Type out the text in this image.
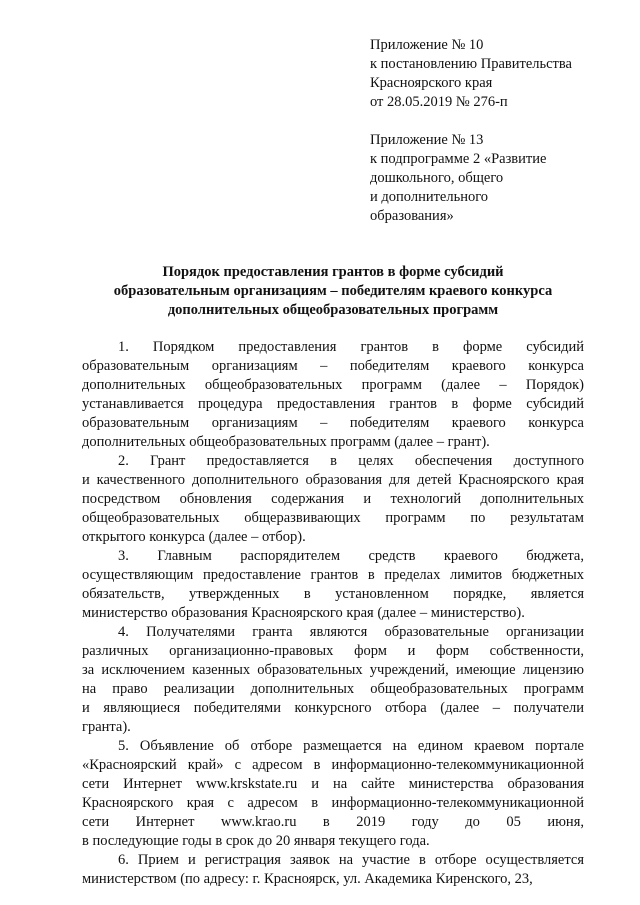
Приложение № 10
к постановлению Правительства
Красноярского края
от 28.05.2019 № 276-п
Приложение № 13
к подпрограмме 2 «Развитие
дошкольного, общего
и дополнительного
образования»
Порядок предоставления грантов в форме субсидий
образовательным организациям – победителям краевого конкурса
дополнительных общеобразовательных программ
1. Порядком предоставления грантов в форме субсидий
образовательным организациям – победителям краевого конкурса
дополнительных общеобразовательных программ (далее – Порядок)
устанавливается процедура предоставления грантов в форме субсидий
образовательным организациям – победителям краевого конкурса
дополнительных общеобразовательных программ (далее – грант).
2. Грант предоставляется в целях обеспечения доступного
и качественного дополнительного образования для детей Красноярского края
посредством обновления содержания и технологий дополнительных
общеобразовательных общеразвивающих программ по результатам
открытого конкурса (далее – отбор).
3. Главным распорядителем средств краевого бюджета,
осуществляющим предоставление грантов в пределах лимитов бюджетных
обязательств, утвержденных в установленном порядке, является
министерство образования Красноярского края (далее – министерство).
4. Получателями гранта являются образовательные организации
различных организационно-правовых форм и форм собственности,
за исключением казенных образовательных учреждений, имеющие лицензию
на право реализации дополнительных общеобразовательных программ
и являющиеся победителями конкурсного отбора (далее – получатели
гранта).
5. Объявление об отборе размещается на едином краевом портале
«Красноярский край» с адресом в информационно-телекоммуникационной
сети Интернет www.krskstate.ru и на сайте министерства образования
Красноярского края с адресом в информационно-телекоммуникационной
сети Интернет www.krao.ru в 2019 году до 05 июня,
в последующие годы в срок до 20 января текущего года.
6. Прием и регистрация заявок на участие в отборе осуществляется
министерством (по адресу: г. Красноярск, ул. Академика Киренского, 23,
